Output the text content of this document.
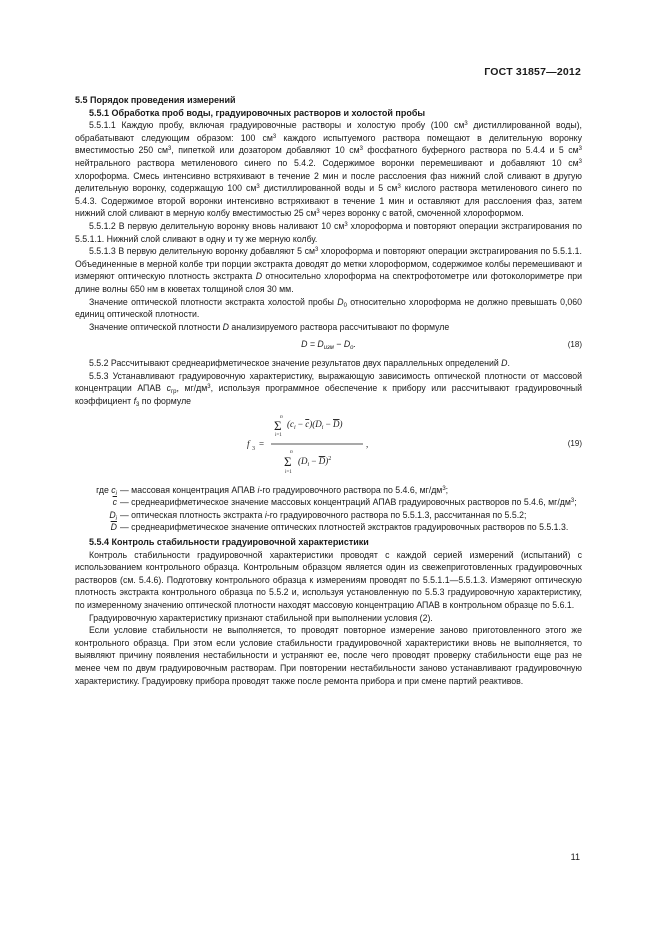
ГОСТ 31857—2012

5.5 Порядок проведения измерений

5.5.1 Обработка проб воды, градуировочных растворов и холостой пробы

5.5.1.1 Каждую пробу, включая градуировочные растворы и холостую пробу (100 $см^3$ дистиллированной воды), обрабатывают следующим образом: 100 $см^3$ каждого испытуемого раствора помещают в делительную воронку вместимостью 250 $см^3$, пипеткой или дозатором добавляют 10 $см^3$ фосфатного буферного раствора по 5.4.4 и 5 $см^3$ нейтрального раствора метиленового синего по 5.4.2. Содержимое воронки перемешивают и добавляют 10 $см^3$ хлороформа. Смесь интенсивно встряхивают в течение 2 мин и после расслоения фаз нижний слой сливают в другую делительную воронку, содержащую 100 $см^3$ дистиллированной воды и 5 $см^3$ кислого раствора метиленового синего по 5.4.3. Содержимое второй воронки интенсивно встряхивают в течение 1 мин и оставляют для расслоения фаз, затем нижний слой сливают в мерную колбу вместимостью 25 $см^3$ через воронку с ватой, смоченной хлороформом.

5.5.1.2 В первую делительную воронку вновь наливают 10 $см^3$ хлороформа и повторяют операции экстрагирования по 5.5.1.1. Нижний слой сливают в одну и ту же мерную колбу.

5.5.1.3 В первую делительную воронку добавляют 5 $см^3$ хлороформа и повторяют операции экстрагирования по 5.5.1.1. Объединенные в мерной колбе три порции экстракта доводят до метки хлороформом, содержимое колбы перемешивают и измеряют оптическую плотность экстракта D относительно хлороформа на спектрофотометре или фотоколориметре при длине волны 650 нм в кюветах толщиной слоя 30 мм.

Значение оптической плотности экстракта холостой пробы $D_0$ относительно хлороформа не должно превышать 0,060 единиц оптической плотности.

Значение оптической плотности D анализируемого раствора рассчитывают по формуле

$D = D_{изм} - D_о$.	(18)

5.5.2 Рассчитывают среднеарифметическое значение результатов двух параллельных определений D.

5.5.3 Устанавливают градуировочную характеристику, выражающую зависимость оптической плотности от массовой концентрации АПАВ $c_{гр}$, $мг/дм^3$, используя программное обеспечение к прибору или рассчитывают градуировочный коэффициент $f_3$ по формуле

f 3 =
n
Σ
i=1
$(c_i - c)(D_i - D)$
n
Σ
i=1
$(D_i - D)^2$
,	(19)
где $c_i$ — массовая концентрация АПАВ i-го градуировочного раствора по 5.4.6, $мг/дм^3$;
$\overline{c}$ — среднеарифметическое значение массовых концентраций АПАВ градуировочных растворов по 5.4.6, $мг/дм^3$;
$D_i$ — оптическая плотность экстракта i-го градуировочного раствора по 5.5.1.3, рассчитанная по 5.5.2;
$\overline{D}$ — среднеарифметическое значение оптических плотностей экстрактов градуировочных растворов по 5.5.1.3.

5.5.4 Контроль стабильности градуировочной характеристики

Контроль стабильности градуировочной характеристики проводят с каждой серией измерений (испытаний) с использованием контрольного образца. Контрольным образцом является один из свежеприготовленных градуировочных растворов (см. 5.4.6). Подготовку контрольного образца к измерениям проводят по 5.5.1.1—5.5.1.3. Измеряют оптическую плотность экстракта контрольного образца по 5.5.2 и, используя установленную по 5.5.3 градуировочную характеристику, по измеренному значению оптической плотности находят массовую концентрацию АПАВ в контрольном образце по 5.6.1.

Градуировочную характеристику признают стабильной при выполнении условия (2).

Если условие стабильности не выполняется, то проводят повторное измерение заново приготовленного этого же контрольного образца. При этом если условие стабильности градуировочной характеристики вновь не выполняется, то выявляют причину появления нестабильности и устраняют ее, после чего проводят проверку стабильности еще раз не менее чем по двум градуировочным растворам. При повторении нестабильности заново устанавливают градуировочную характеристику. Градуировку прибора проводят также после ремонта прибора и при смене партий реактивов.

11
